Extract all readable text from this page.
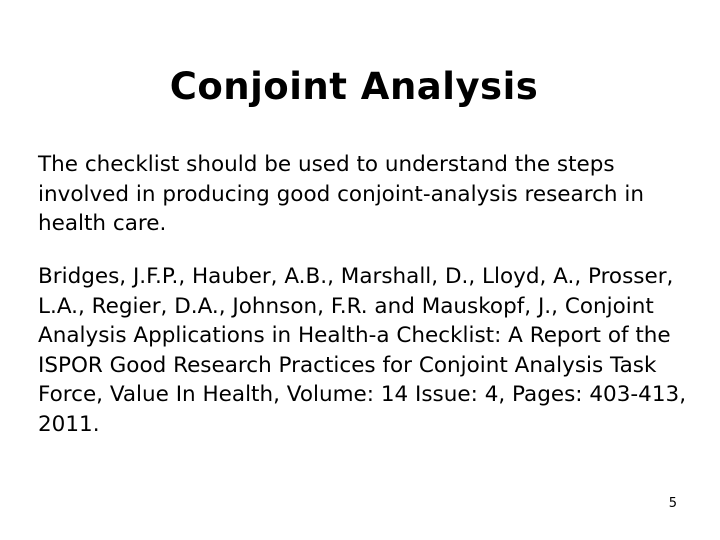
Conjoint Analysis

The checklist should be used to understand the steps involved in producing good conjoint-analysis research in health care.

Bridges, J.F.P., Hauber, A.B., Marshall, D., Lloyd, A., Prosser, L.A., Regier, D.A., Johnson, F.R. and Mauskopf, J., Conjoint Analysis Applications in Health-a Checklist: A Report of the ISPOR Good Research Practices for Conjoint Analysis Task Force, Value In Health, Volume: 14 Issue: 4, Pages: 403-413, 2011.

5
